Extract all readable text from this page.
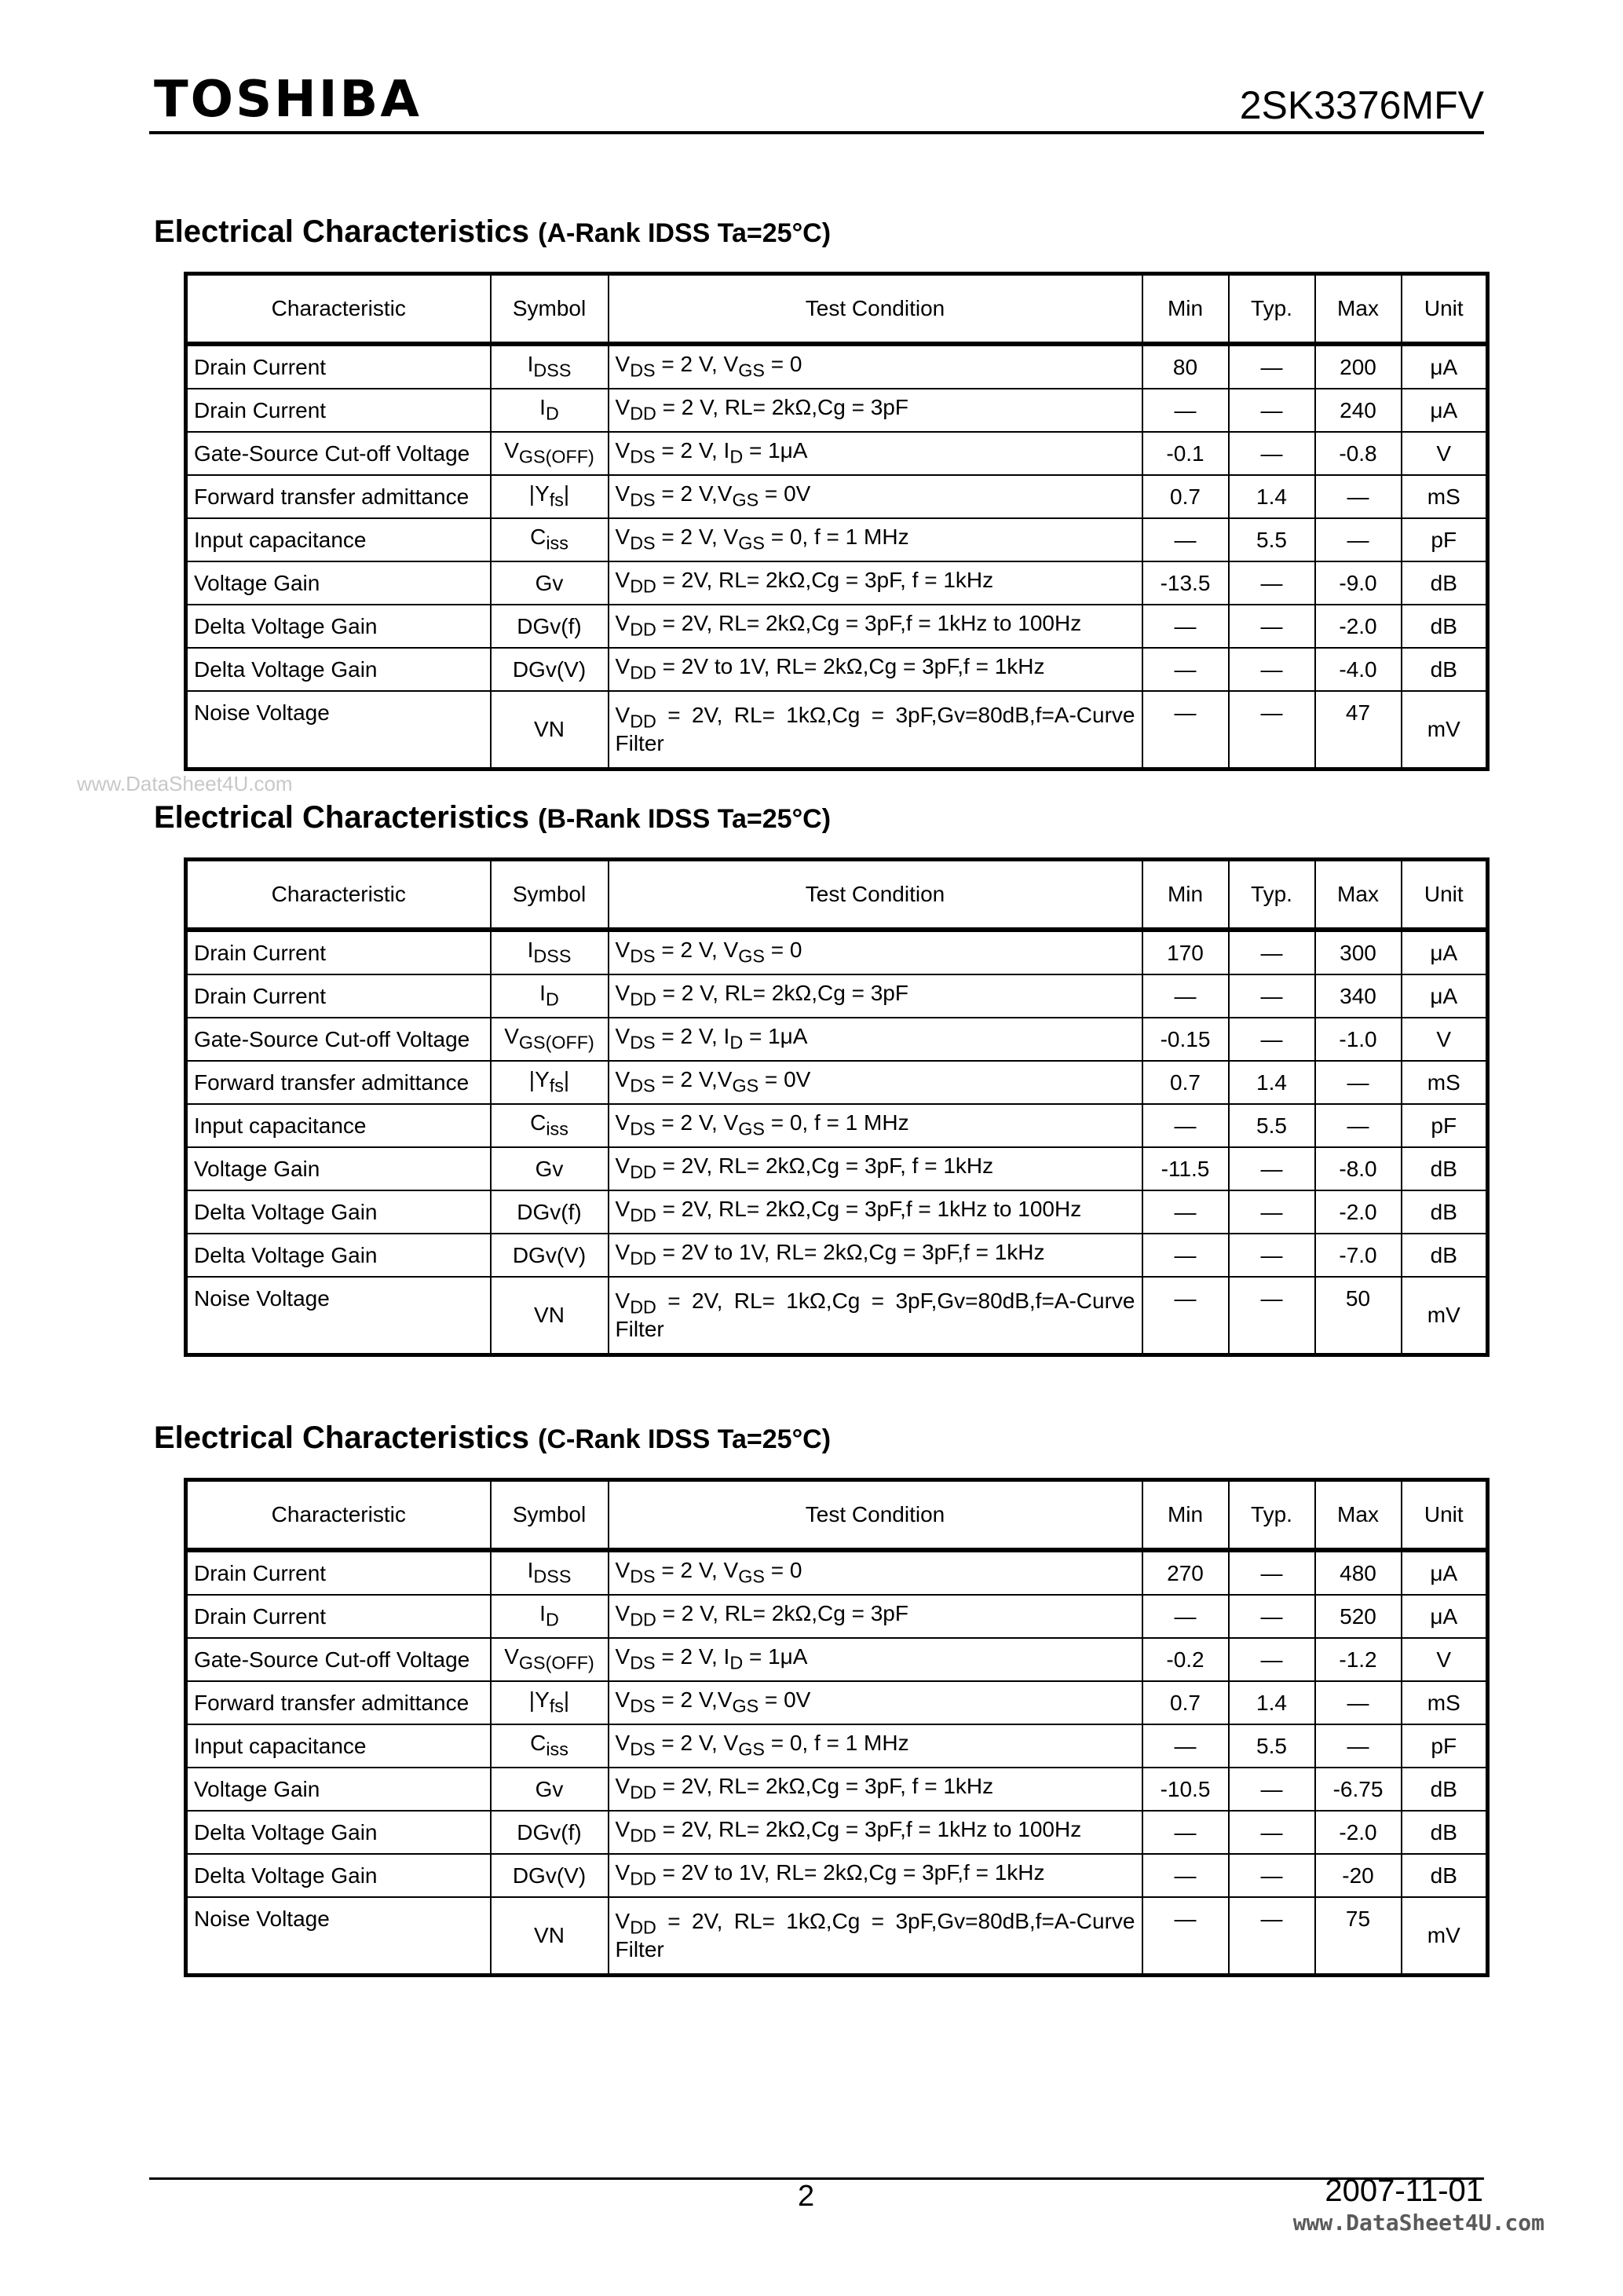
TOSHIBA	2SK3376MFV
www.DataSheet4U.com
Electrical Characteristics (A-Rank IDSS Ta=25°C)
Characteristic	Symbol	Test Condition	Min	Typ.	Max	Unit
Drain Current	$I_{DSS}$	$V_{DS} = 2$ V, $V_{GS} = 0$	80	—	200	μA
Drain Current	$I_D$	$V_{DD} = 2$ V, RL= 2kΩ,Cg = 3pF	—	—	240	μA
Gate-Source Cut-off Voltage	$V_{GS(OFF)}$	$V_{DS} = 2$ V, $I_D = 1\mu A$	-0.1	—	-0.8	V
Forward transfer admittance	$|Y_{fs}|$	$V_{DS} = 2$ $V,V_{GS} = 0V$	0.7	1.4	—	mS
Input capacitance	$C_{iss}$	$V_{DS} = 2$ V, $V_{GS} = 0$, f = 1 MHz	—	5.5	—	pF
Voltage Gain	Gv	$V_{DD} = 2V$, RL= 2kΩ,Cg = 3pF, f = 1kHz	-13.5	—	-9.0	dB
Delta Voltage Gain	DGv(f)	$V_{DD} = 2V$, RL= 2kΩ,Cg = 3pF,f = 1kHz to 100Hz	—	—	-2.0	dB
Delta Voltage Gain	DGv(V)	$V_{DD} = 2V$ to 1V, RL= 2kΩ,Cg = 3pF,f = 1kHz	—	—	-4.0	dB
Noise Voltage	VN	$V_{DD} = 2V$, RL= 1kΩ,Cg = 3pF,Gv=80dB,f=A-Curve Filter	—	—	47	mV
Electrical Characteristics (B-Rank IDSS Ta=25°C)
Characteristic	Symbol	Test Condition	Min	Typ.	Max	Unit
Drain Current	$I_{DSS}$	$V_{DS} = 2$ V, $V_{GS} = 0$	170	—	300	μA
Drain Current	$I_D$	$V_{DD} = 2$ V, RL= 2kΩ,Cg = 3pF	—	—	340	μA
Gate-Source Cut-off Voltage	$V_{GS(OFF)}$	$V_{DS} = 2$ V, $I_D = 1\mu A$	-0.15	—	-1.0	V
Forward transfer admittance	$|Y_{fs}|$	$V_{DS} = 2$ $V,V_{GS} = 0V$	0.7	1.4	—	mS
Input capacitance	$C_{iss}$	$V_{DS} = 2$ V, $V_{GS} = 0$, f = 1 MHz	—	5.5	—	pF
Voltage Gain	Gv	$V_{DD} = 2V$, RL= 2kΩ,Cg = 3pF, f = 1kHz	-11.5	—	-8.0	dB
Delta Voltage Gain	DGv(f)	$V_{DD} = 2V$, RL= 2kΩ,Cg = 3pF,f = 1kHz to 100Hz	—	—	-2.0	dB
Delta Voltage Gain	DGv(V)	$V_{DD} = 2V$ to 1V, RL= 2kΩ,Cg = 3pF,f = 1kHz	—	—	-7.0	dB
Noise Voltage	VN	$V_{DD} = 2V$, RL= 1kΩ,Cg = 3pF,Gv=80dB,f=A-Curve Filter	—	—	50	mV
Electrical Characteristics (C-Rank IDSS Ta=25°C)
Characteristic	Symbol	Test Condition	Min	Typ.	Max	Unit
Drain Current	$I_{DSS}$	$V_{DS} = 2$ V, $V_{GS} = 0$	270	—	480	μA
Drain Current	$I_D$	$V_{DD} = 2$ V, RL= 2kΩ,Cg = 3pF	—	—	520	μA
Gate-Source Cut-off Voltage	$V_{GS(OFF)}$	$V_{DS} = 2$ V, $I_D = 1\mu A$	-0.2	—	-1.2	V
Forward transfer admittance	$|Y_{fs}|$	$V_{DS} = 2$ $V,V_{GS} = 0V$	0.7	1.4	—	mS
Input capacitance	$C_{iss}$	$V_{DS} = 2$ V, $V_{GS} = 0$, f = 1 MHz	—	5.5	—	pF
Voltage Gain	Gv	$V_{DD} = 2V$, RL= 2kΩ,Cg = 3pF, f = 1kHz	-10.5	—	-6.75	dB
Delta Voltage Gain	DGv(f)	$V_{DD} = 2V$, RL= 2kΩ,Cg = 3pF,f = 1kHz to 100Hz	—	—	-2.0	dB
Delta Voltage Gain	DGv(V)	$V_{DD} = 2V$ to 1V, RL= 2kΩ,Cg = 3pF,f = 1kHz	—	—	-20	dB
Noise Voltage	VN	$V_{DD} = 2V$, RL= 1kΩ,Cg = 3pF,Gv=80dB,f=A-Curve Filter	—	—	75	mV
2	2007-11-01
www.DataSheet4U.com
